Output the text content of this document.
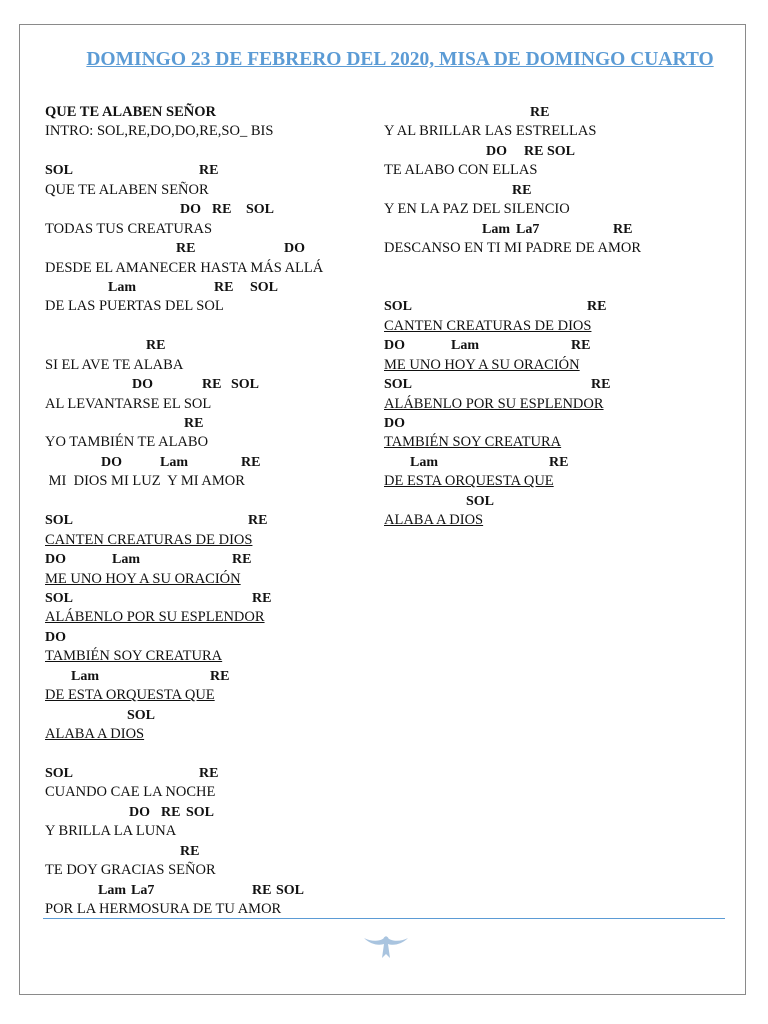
DOMINGO 23 DE FEBRERO DEL 2020, MISA DE DOMINGO CUARTO
QUE TE ALABEN SEÑOR
INTRO: SOL,RE,DO,DO,RE,SO_ BIS
SOL	RE
QUE TE ALABEN SEÑOR
DO RE SOL
TODAS TUS CREATURAS
RE	DO
DESDE EL AMANECER HASTA MÁS ALLÁ
Lam	RE SOL
DE LAS PUERTAS DEL SOL
RE
SI EL AVE TE ALABA
DO	RE SOL
AL LEVANTARSE EL SOL
RE
YO TAMBIÉN TE ALABO
DO	Lam	RE
MI  DIOS MI LUZ  Y MI AMOR
SOL	RE
CANTEN CREATURAS DE DIOS
DO	Lam	RE
ME UNO HOY A SU ORACIÓN
SOL	RE
ALÁBENLO POR SU ESPLENDOR
DO
TAMBIÉN SOY CREATURA
Lam	RE
DE ESTA ORQUESTA QUE
SOL
ALABA A DIOS
SOL	RE
CUANDO CAE LA NOCHE
DO RE SOL
Y BRILLA LA LUNA
RE
TE DOY GRACIAS SEÑOR
Lam La7	RE SOL
POR LA HERMOSURA DE TU AMOR
RE
Y AL BRILLAR LAS ESTRELLAS
DO RE SOL
TE ALABO CON ELLAS
RE
Y EN LA PAZ DEL SILENCIO
Lam La7	RE
DESCANSO EN TI MI PADRE DE AMOR
SOL	RE
CANTEN CREATURAS DE DIOS
DO	Lam	RE
ME UNO HOY A SU ORACIÓN
SOL	RE
ALÁBENLO POR SU ESPLENDOR
DO
TAMBIÉN SOY CREATURA
Lam	RE
DE ESTA ORQUESTA QUE
SOL
ALABA A DIOS
